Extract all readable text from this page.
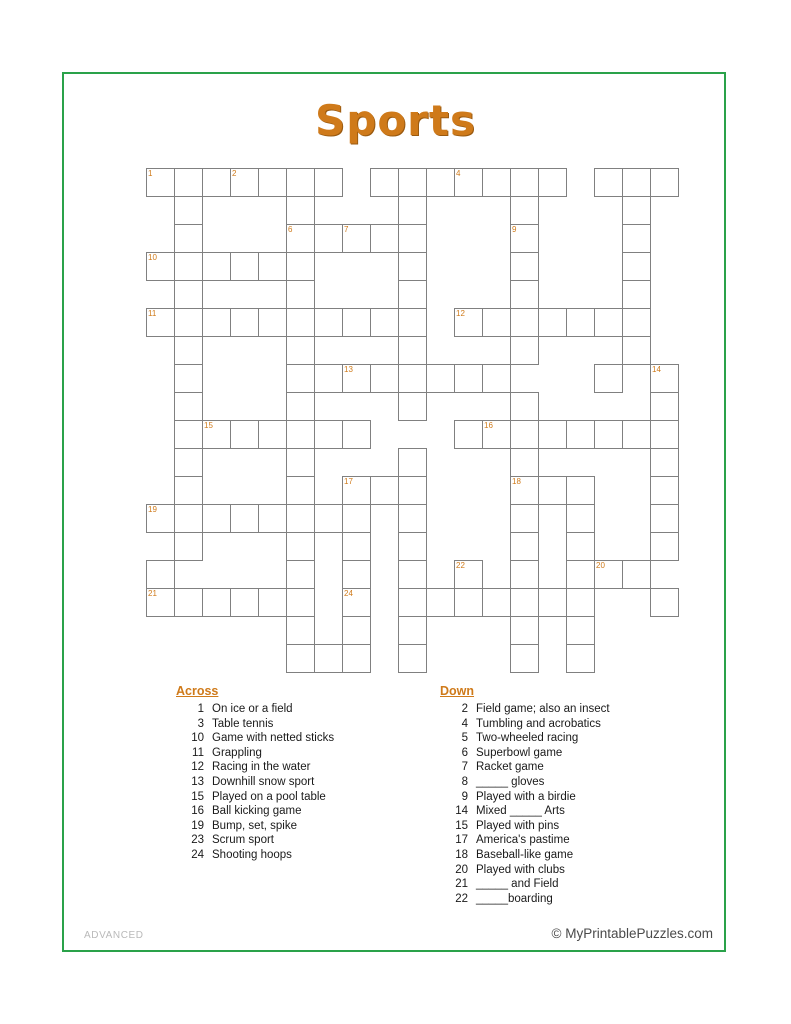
Sports
1			2								4							

					6		7						9					

10																		

11											12							

							13											14

		15										16						

							17						18					

19																		

											22					20		

21							24											

Across
1 On ice or a field
3 Table tennis
10 Game with netted sticks
11 Grappling
12 Racing in the water
13 Downhill snow sport
15 Played on a pool table
16 Ball kicking game
19 Bump, set, spike
23 Scrum sport
24 Shooting hoops
Down
2 Field game; also an insect
4 Tumbling and acrobatics
5 Two-wheeled racing
6 Superbowl game
7 Racket game
8 _____ gloves
9 Played with a birdie
14 Mixed _____ Arts
15 Played with pins
17 America's pastime
18 Baseball-like game
20 Played with clubs
21 _____ and Field
22 _____boarding
ADVANCED	© MyPrintablePuzzles.com
